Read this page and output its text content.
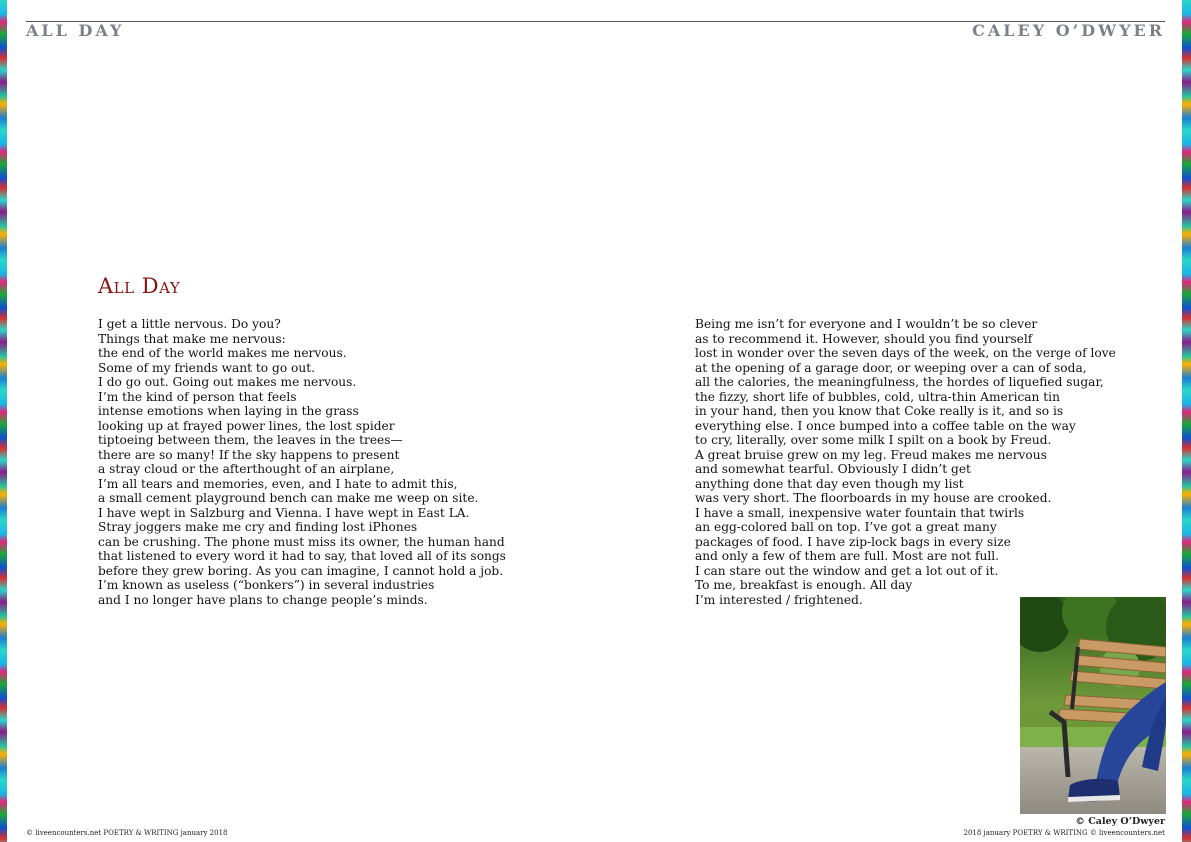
ALL DAY	CALEY O’DWYER
All Day
I get a little nervous. Do you?
Things that make me nervous:
the end of the world makes me nervous.
Some of my friends want to go out.
I do go out. Going out makes me nervous.
I’m the kind of person that feels
intense emotions when laying in the grass
looking up at frayed power lines, the lost spider
tiptoeing between them, the leaves in the trees—
there are so many! If the sky happens to present
a stray cloud or the afterthought of an airplane,
I’m all tears and memories, even, and I hate to admit this,
a small cement playground bench can make me weep on site.
I have wept in Salzburg and Vienna. I have wept in East LA.
Stray joggers make me cry and finding lost iPhones
can be crushing. The phone must miss its owner, the human hand
that listened to every word it had to say, that loved all of its songs
before they grew boring. As you can imagine, I cannot hold a job.
I’m known as useless (“bonkers”) in several industries
and I no longer have plans to change people’s minds.
Being me isn’t for everyone and I wouldn’t be so clever
as to recommend it. However, should you find yourself
lost in wonder over the seven days of the week, on the verge of love
at the opening of a garage door, or weeping over a can of soda,
all the calories, the meaningfulness, the hordes of liquefied sugar,
the fizzy, short life of bubbles, cold, ultra-thin American tin
in your hand, then you know that Coke really is it, and so is
everything else. I once bumped into a coffee table on the way
to cry, literally, over some milk I spilt on a book by Freud.
A great bruise grew on my leg. Freud makes me nervous
and somewhat tearful. Obviously I didn’t get
anything done that day even though my list
was very short. The floorboards in my house are crooked.
I have a small, inexpensive water fountain that twirls
an egg-colored ball on top. I’ve got a great many
packages of food. I have zip-lock bags in every size
and only a few of them are full. Most are not full.
I can stare out the window and get a lot out of it.
To me, breakfast is enough. All day
I’m interested / frightened.
© Caley O’Dwyer
© liveencounters.net POETRY & WRITING january 2018	2018 january POETRY & WRITING © liveencounters.net
